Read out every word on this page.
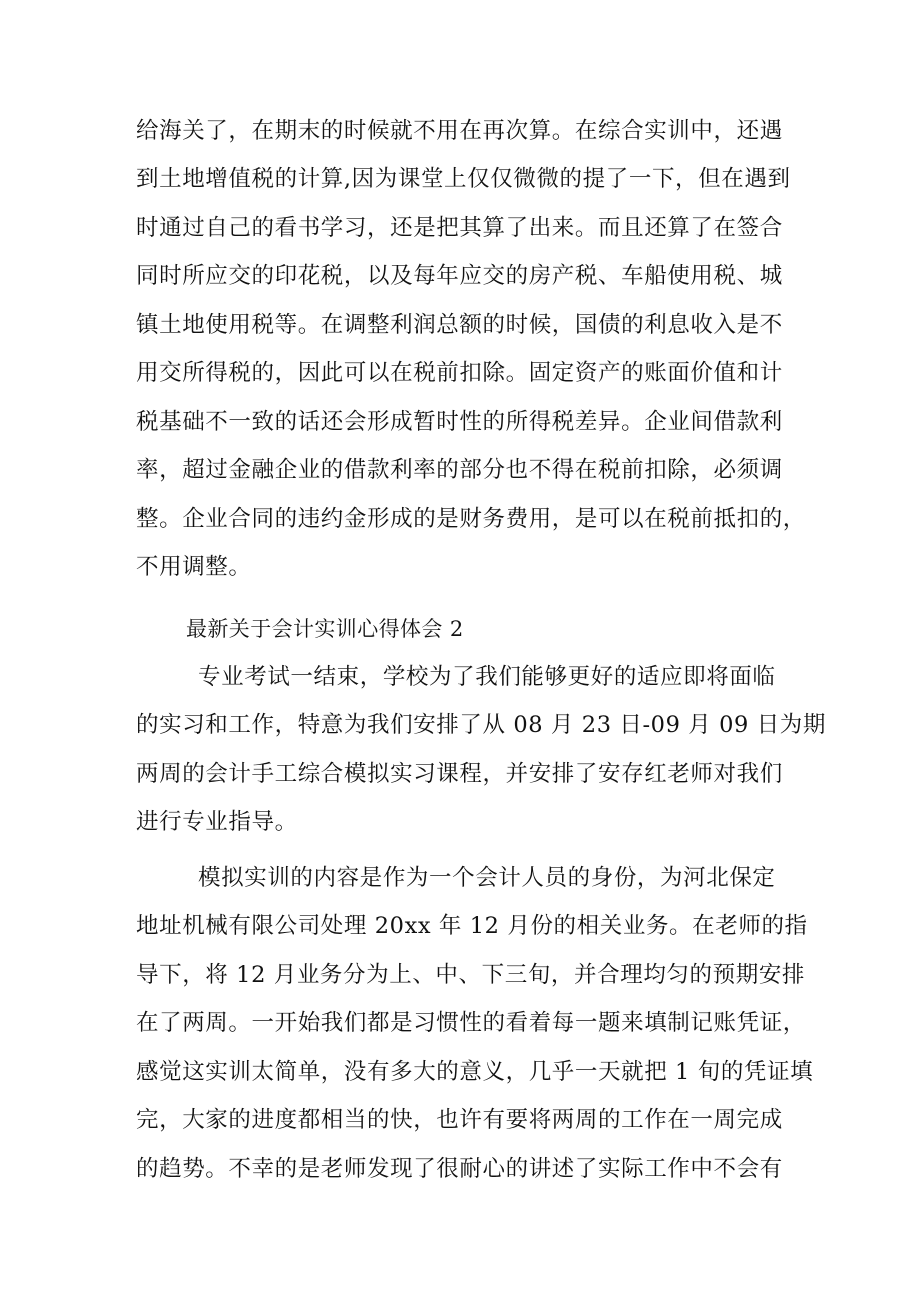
给海关了，在期末的时候就不用在再次算。在综合实训中，还遇
到土地增值税的计算,因为课堂上仅仅微微的提了一下，但在遇到
时通过自己的看书学习，还是把其算了出来。而且还算了在签合
同时所应交的印花税，以及每年应交的房产税、车船使用税、城
镇土地使用税等。在调整利润总额的时候，国债的利息收入是不
用交所得税的，因此可以在税前扣除。固定资产的账面价值和计
税基础不一致的话还会形成暂时性的所得税差异。企业间借款利
率，超过金融企业的借款利率的部分也不得在税前扣除，必须调
整。企业合同的违约金形成的是财务费用，是可以在税前抵扣的，
不用调整。
最新关于会计实训心得体会 2
专业考试一结束，学校为了我们能够更好的适应即将面临
的实习和工作，特意为我们安排了从 08 月 23 日-09 月 09 日为期
两周的会计手工综合模拟实习课程，并安排了安存红老师对我们
进行专业指导。
模拟实训的内容是作为一个会计人员的身份，为河北保定
地址机械有限公司处理 20xx 年 12 月份的相关业务。在老师的指
导下，将 12 月业务分为上、中、下三旬，并合理均匀的预期安排
在了两周。一开始我们都是习惯性的看着每一题来填制记账凭证，
感觉这实训太简单，没有多大的意义，几乎一天就把 1 旬的凭证填
完，大家的进度都相当的快，也许有要将两周的工作在一周完成
的趋势。不幸的是老师发现了很耐心的讲述了实际工作中不会有
